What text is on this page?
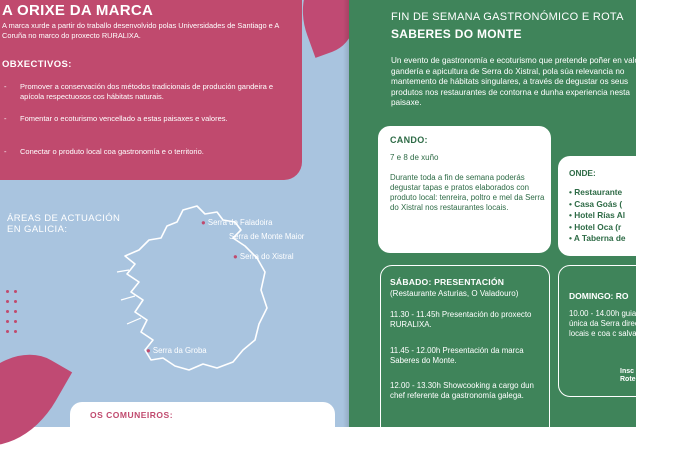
A ORIXE DA MARCA
A marca xurde a partir do traballo desenvolvido polas Universidades de Santiago e A Coruña no marco do proxecto RURALIXA.
OBXECTIVOS:
- Promover a conservación dos métodos tradicionais de produción gandeira e apícola respectuosos cos hábitats naturais.
- Fomentar o ecoturismo vencellado a estas paisaxes e valores.
- Conectar o produto local coa gastronomía e o territorio.
ÁREAS DE ACTUACIÓN EN GALICIA:
● Serra do Faladoira
Serra de Monte Maior
● Serra do Xistral
● Serra da Groba
OS COMUNEIROS:
FIN DE SEMANA GASTRONÓMICO E ROTA
SABERES DO MONTE
Un evento de gastronomía e ecoturismo que pretende poñer en valor a gandería e apicultura de Serra do Xistral, pola súa relevancia no mantemento de hábitats singulares, a través de degustar os seus produtos nos restaurantes de contorna e dunha experiencia nesta paisaxe.
CANDO:
7 e 8 de xuño
Durante toda a fin de semana poderás degustar tapas e pratos elaborados con produto local: tenreira, poltro e mel da Serra do Xistral nos restaurantes locais.
ONDE:
• Restaurante
• Casa Goás (
• Hotel Rías Al
• Hotel Oca (r
• A Taberna de
SÁBADO: PRESENTACIÓN
(Restaurante Asturias, O Valadouro)
11.30 - 11.45h Presentación do proxecto RURALIXA.
11.45 - 12.00h Presentación da marca Saberes do Monte.
12.00 - 13.30h Showcooking a cargo dun chef referente da gastronomía galega.
DOMINGO: RO
10.00 - 14.00h guiado polos h única da Serra directo cos ga locais e coa c salvaxes no se
Insc Rote
